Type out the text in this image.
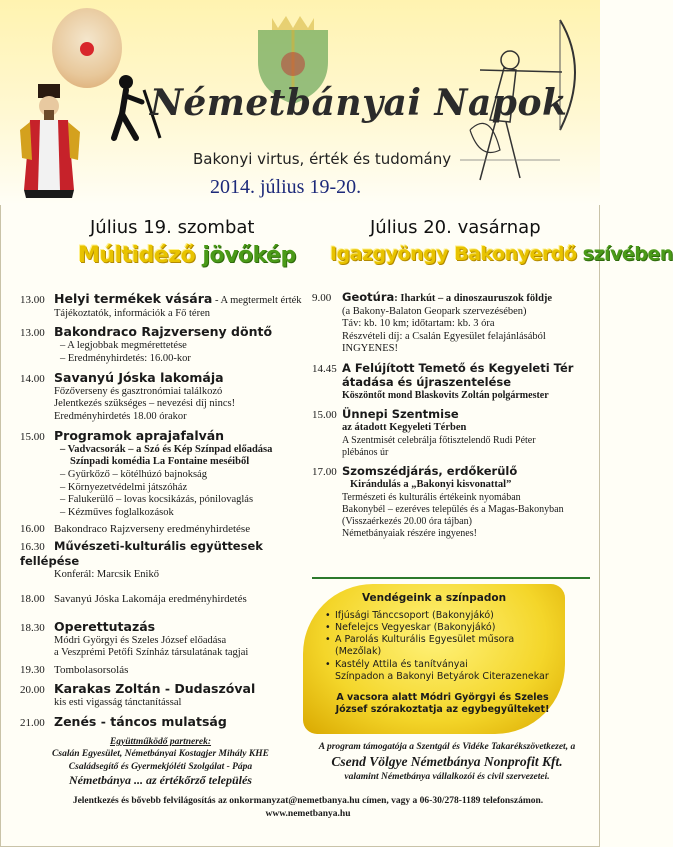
Németbányai Napok
Bakonyi virtus, érték és tudomány
2014. július 19-20.
Július 19. szombat	Július 20. vasárnap
Múltidéző jövőkép Igazgyöngy Bakonyerdő szívében
13.00 Helyi termékek vására - A megtermelt érték
Tájékoztatók, információk a Fő téren
13.00 Bakondraco Rajzverseny döntő
– A legjobbak megmérettetése
– Eredményhirdetés: 16.00-kor
14.00 Savanyú Jóska lakomája
Főzőverseny és gasztronómiai találkozó
Jelentkezés szükséges – nevezési díj nincs!
Eredményhirdetés 18.00 órakor
15.00 Programok aprajafalván
– Vadvacsorák – a Szó és Kép Színpad előadása
Színpadi komédia La Fontaine meséiből
– Gyűrkőző – kötélhúzó bajnokság
– Környezetvédelmi játszóház
– Falukerülő – lovas kocsikázás, pónilovaglás
– Kézműves foglalkozások
16.00 Bakondraco Rajzverseny eredményhirdetése
16.30 Művészeti-kulturális együttesek fellépése
Konferál: Marcsik Enikő
18.00 Savanyú Jóska Lakomája eredményhirdetés
18.30 Operettutazás
Módri Györgyi és Szeles József előadása
a Veszprémi Petőfi Színház társulatának tagjai
19.30 Tombolasorsolás
20.00 Karakas Zoltán - Dudaszóval
kis esti vigasság tánctanítással
21.00 Zenés - táncos mulatság
9.00 Geotúra: Iharkút – a dinoszauruszok földje
(a Bakony-Balaton Geopark szervezésében)
Táv: kb. 10 km; időtartam: kb. 3 óra
Részvételi díj: a Csalán Egyesület felajánlásából
INGYENES!
14.45 A Felújított Temető és Kegyeleti Tér
átadása és újraszentelése
Köszöntőt mond Blaskovits Zoltán polgármester
15.00 Ünnepi Szentmise
az átadott Kegyeleti Térben
A Szentmisét celebrálja főtisztelendő Rudi Péter
plébános úr
17.00 Szomszédjárás, erdőkerülő
Kirándulás a „Bakonyi kisvonattal”
Természeti és kulturális értékeink nyomában
Bakonybél – ezeréves település és a Magas-Bakonyban
(Visszaérkezés 20.00 óra tájban)
Németbányaiak részére ingyenes!
Vendégeink a színpadon
• Ifjúsági Tánccsoport (Bakonyjákó)
• Nefelejcs Vegyeskar (Bakonyjákó)
• A Parolás Kulturális Egyesület műsora (Mezőlak)
• Kastély Attila és tanítványai
Színpadon a Bakonyi Betyárok Citerazenekar
A vacsora alatt Módri Györgyi és Szeles József szórakoztatja az egybegyűlteket!
Együttműködő partnerek:
Csalán Egyesület, Németbányai Kostagjer Mihály KHE
Családsegítő és Gyermekjóléti Szolgálat - Pápa
Németbánya ... az értékőrző település
A program támogatója a Szentgál és Vidéke Takarékszövetkezet, a
Csend Völgye Németbánya Nonprofit Kft.
valamint Németbánya vállalkozói és civil szervezetei.
Jelentkezés és bővebb felvilágosítás az onkormanyzat@nemetbanya.hu címen, vagy a 06-30/278-1189 telefonszámon.
www.nemetbanya.hu
